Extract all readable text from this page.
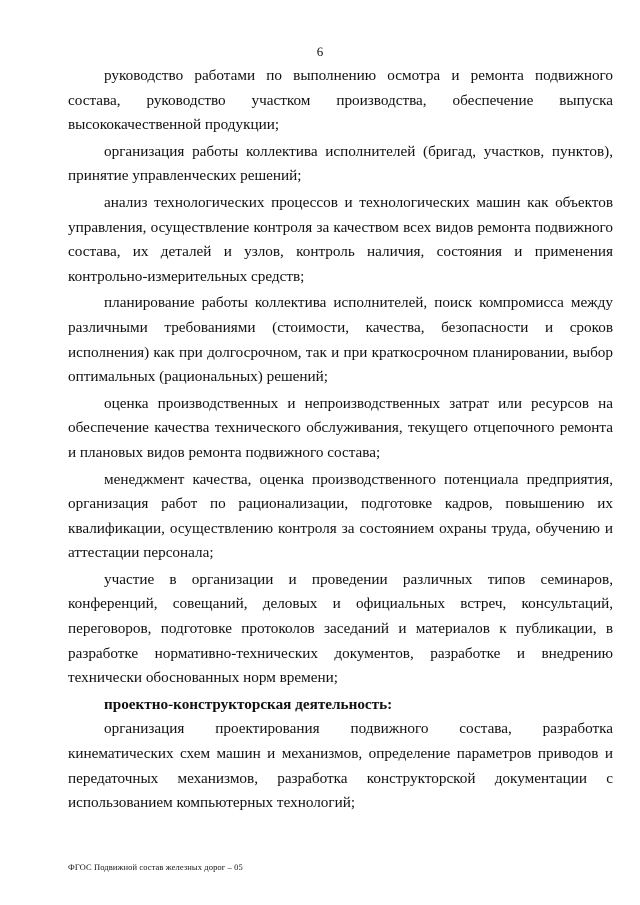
6

руководство работами по выполнению осмотра и ремонта подвижного состава, руководство участком производства, обеспечение выпуска высококачественной продукции;

организация работы коллектива исполнителей (бригад, участков, пунктов), принятие управленческих решений;

анализ технологических процессов и технологических машин как объектов управления, осуществление контроля за качеством всех видов ремонта подвижного состава, их деталей и узлов, контроль наличия, состояния и применения контрольно-измерительных средств;

планирование работы коллектива исполнителей, поиск компромисса между различными требованиями (стоимости, качества, безопасности и сроков исполнения) как при долгосрочном, так и при краткосрочном планировании, выбор оптимальных (рациональных) решений;

оценка производственных и непроизводственных затрат или ресурсов на обеспечение качества технического обслуживания, текущего отцепочного ремонта и плановых видов ремонта подвижного состава;

менеджмент качества, оценка производственного потенциала предприятия, организация работ по рационализации, подготовке кадров, повышению их квалификации, осуществлению контроля за состоянием охраны труда, обучению и аттестации персонала;

участие в организации и проведении различных типов семинаров, конференций, совещаний, деловых и официальных встреч, консультаций, переговоров, подготовке протоколов заседаний и материалов к публикации, в разработке нормативно-технических документов, разработке и внедрению технически обоснованных норм времени;

проектно-конструкторская деятельность:

организация проектирования подвижного состава, разработка кинематических схем машин и механизмов, определение параметров приводов и передаточных механизмов, разработка конструкторской документации с использованием компьютерных технологий;

ФГОС Подвижной состав железных дорог – 05
